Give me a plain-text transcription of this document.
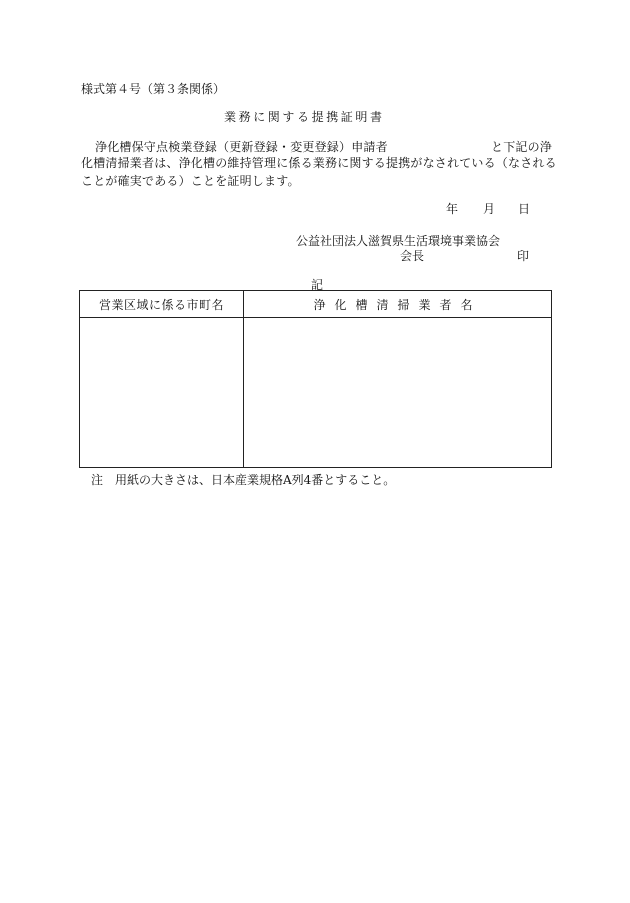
様式第４号（第３条関係）
業務に関する提携証明書
浄化槽保守点検業登録（更新登録・変更登録）申請者	と下記の浄
化槽清掃業者は、浄化槽の維持管理に係る業務に関する提携がなされている（なされる
ことが確実である）ことを証明します。
年 月 日
公益社団法人滋賀県生活環境事業協会
会長	印
記
営業区域に係る市町名	浄化槽清掃業者名

注　用紙の大きさは、日本産業規格A列4番とすること。
